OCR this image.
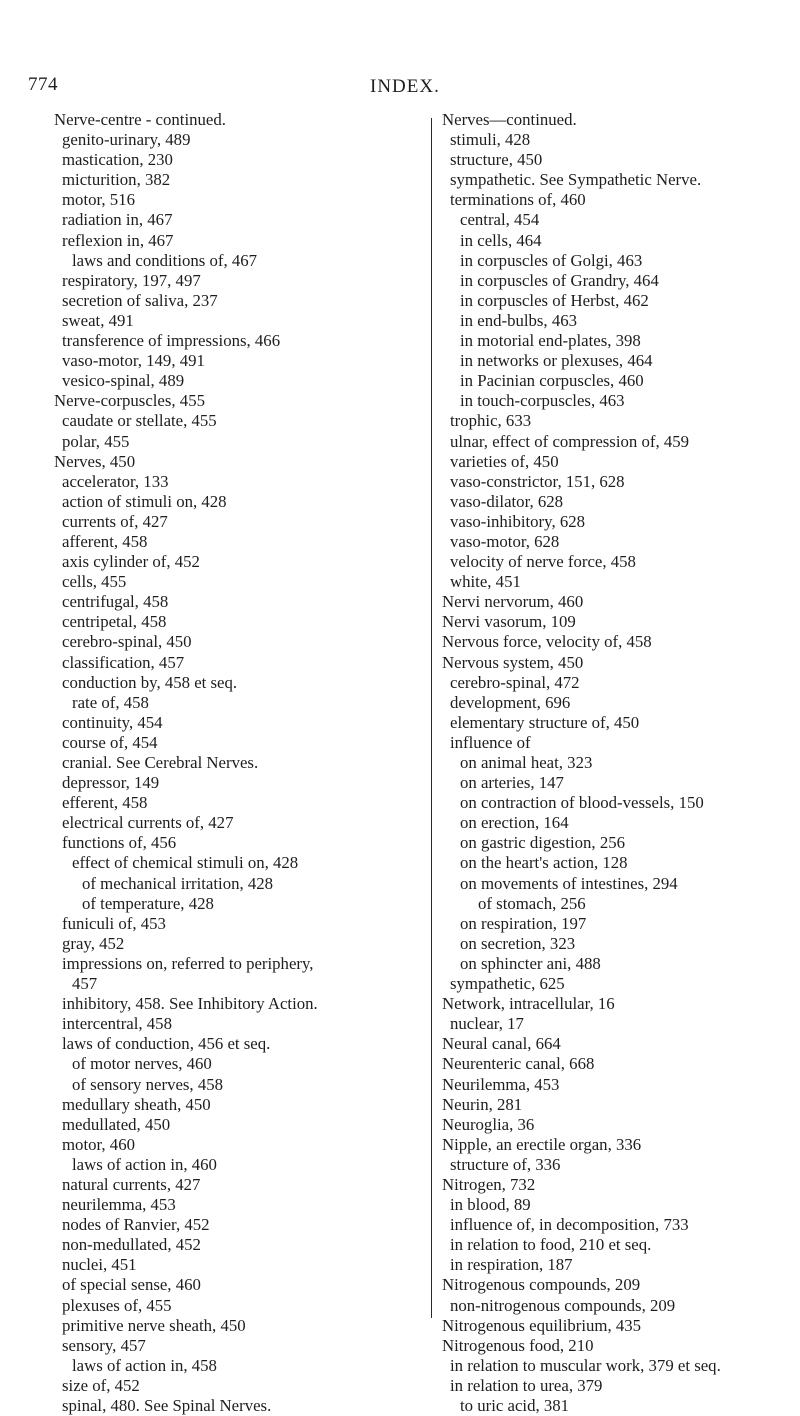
774	INDEX.

Nerve-centre - continued.

genito-urinary, 489

mastication, 230

micturition, 382

motor, 516

radiation in, 467

reflexion in, 467

laws and conditions of, 467

respiratory, 197, 497

secretion of saliva, 237

sweat, 491

transference of impressions, 466

vaso-motor, 149, 491

vesico-spinal, 489

Nerve-corpuscles, 455

caudate or stellate, 455

polar, 455

Nerves, 450

accelerator, 133

action of stimuli on, 428

currents of, 427

afferent, 458

axis cylinder of, 452

cells, 455

centrifugal, 458

centripetal, 458

cerebro-spinal, 450

classification, 457

conduction by, 458 et seq.

rate of, 458

continuity, 454

course of, 454

cranial. See Cerebral Nerves.

depressor, 149

efferent, 458

electrical currents of, 427

functions of, 456

effect of chemical stimuli on, 428

of mechanical irritation, 428

of temperature, 428

funiculi of, 453

gray, 452

impressions on, referred to periphery,

457

inhibitory, 458. See Inhibitory Action.

intercentral, 458

laws of conduction, 456 et seq.

of motor nerves, 460

of sensory nerves, 458

medullary sheath, 450

medullated, 450

motor, 460

laws of action in, 460

natural currents, 427

neurilemma, 453

nodes of Ranvier, 452

non-medullated, 452

nuclei, 451

of special sense, 460

plexuses of, 455

primitive nerve sheath, 450

sensory, 457

laws of action in, 458

size of, 452

spinal, 480. See Spinal Nerves.

Nerves—continued.

stimuli, 428

structure, 450

sympathetic. See Sympathetic Nerve.

terminations of, 460

central, 454

in cells, 464

in corpuscles of Golgi, 463

in corpuscles of Grandry, 464

in corpuscles of Herbst, 462

in end-bulbs, 463

in motorial end-plates, 398

in networks or plexuses, 464

in Pacinian corpuscles, 460

in touch-corpuscles, 463

trophic, 633

ulnar, effect of compression of, 459

varieties of, 450

vaso-constrictor, 151, 628

vaso-dilator, 628

vaso-inhibitory, 628

vaso-motor, 628

velocity of nerve force, 458

white, 451

Nervi nervorum, 460

Nervi vasorum, 109

Nervous force, velocity of, 458

Nervous system, 450

cerebro-spinal, 472

development, 696

elementary structure of, 450

influence of

on animal heat, 323

on arteries, 147

on contraction of blood-vessels, 150

on erection, 164

on gastric digestion, 256

on the heart's action, 128

on movements of intestines, 294

of stomach, 256

on respiration, 197

on secretion, 323

on sphincter ani, 488

sympathetic, 625

Network, intracellular, 16

nuclear, 17

Neural canal, 664

Neurenteric canal, 668

Neurilemma, 453

Neurin, 281

Neuroglia, 36

Nipple, an erectile organ, 336

structure of, 336

Nitrogen, 732

in blood, 89

influence of, in decomposition, 733

in relation to food, 210 et seq.

in respiration, 187

Nitrogenous compounds, 209

non-nitrogenous compounds, 209

Nitrogenous equilibrium, 435

Nitrogenous food, 210

in relation to muscular work, 379 et seq.

in relation to urea, 379

to uric acid, 381
